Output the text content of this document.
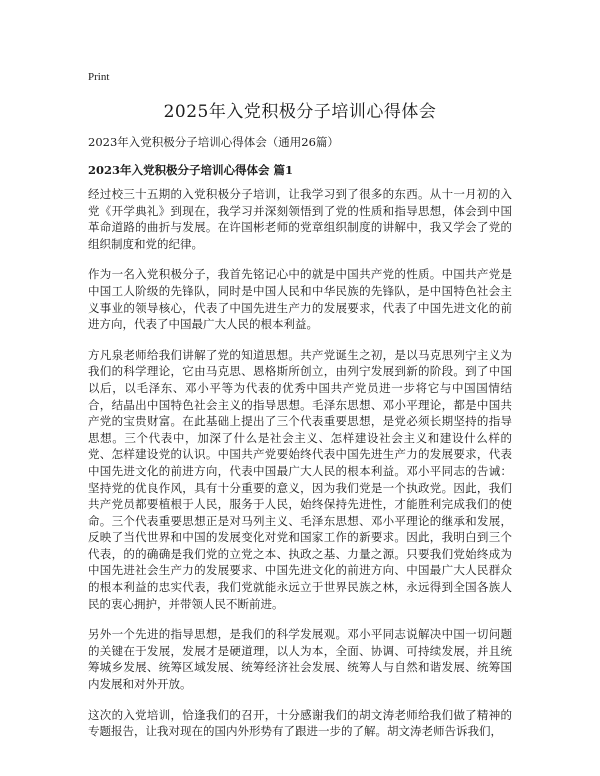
Print
2025年入党积极分子培训心得体会

2023年入党积极分子培训心得体会（通用26篇）

2023年入党积极分子培训心得体会 篇1

经过校三十五期的入党积极分子培训，让我学习到了很多的东西。从十一月初的入党《开学典礼》到现在，我学习并深刻领悟到了党的性质和指导思想，体会到中国革命道路的曲折与发展。在许国彬老师的党章组织制度的讲解中，我又学会了党的组织制度和党的纪律。

作为一名入党积极分子，我首先铭记心中的就是中国共产党的性质。中国共产党是中国工人阶级的先锋队，同时是中国人民和中华民族的先锋队，是中国特色社会主义事业的领导核心，代表了中国先进生产力的发展要求，代表了中国先进文化的前进方向，代表了中国最广大人民的根本利益。

方凡泉老师给我们讲解了党的知道思想。共产党诞生之初，是以马克思列宁主义为我们的科学理论，它由马克思、恩格斯所创立，由列宁发展到新的阶段。到了中国以后，以毛泽东、邓小平等为代表的优秀中国共产党员进一步将它与中国国情结合，结晶出中国特色社会主义的指导思想。毛泽东思想、邓小平理论，都是中国共产党的宝贵财富。在此基础上提出了三个代表重要思想，是党必须长期坚持的指导思想。三个代表中，加深了什么是社会主义、怎样建设社会主义和建设什么样的党、怎样建设党的认识。中国共产党要始终代表中国先进生产力的发展要求，代表中国先进文化的前进方向，代表中国最广大人民的根本利益。邓小平同志的告诫：坚持党的优良作风，具有十分重要的意义，因为我们党是一个执政党。因此，我们共产党员都要植根于人民，服务于人民，始终保持先进性，才能胜利完成我们的使命。三个代表重要思想正是对马列主义、毛泽东思想、邓小平理论的继承和发展，反映了当代世界和中国的发展变化对党和国家工作的新要求。因此，我明白到三个代表，的的确确是我们党的立党之本、执政之基、力量之源。只要我们党始终成为中国先进社会生产力的发展要求、中国先进文化的前进方向、中国最广大人民群众的根本利益的忠实代表，我们党就能永远立于世界民族之林，永远得到全国各族人民的衷心拥护，并带领人民不断前进。

另外一个先进的指导思想，是我们的科学发展观。邓小平同志说解决中国一切问题的关键在于发展，发展才是硬道理，以人为本，全面、协调、可持续发展，并且统筹城乡发展、统筹区域发展、统筹经济社会发展、统筹人与自然和谐发展、统筹国内发展和对外开放。

这次的入党培训，恰逢我们的召开，十分感谢我们的胡文涛老师给我们做了精神的专题报告，让我对现在的国内外形势有了跟进一步的了解。胡文涛老师告诉我们，
